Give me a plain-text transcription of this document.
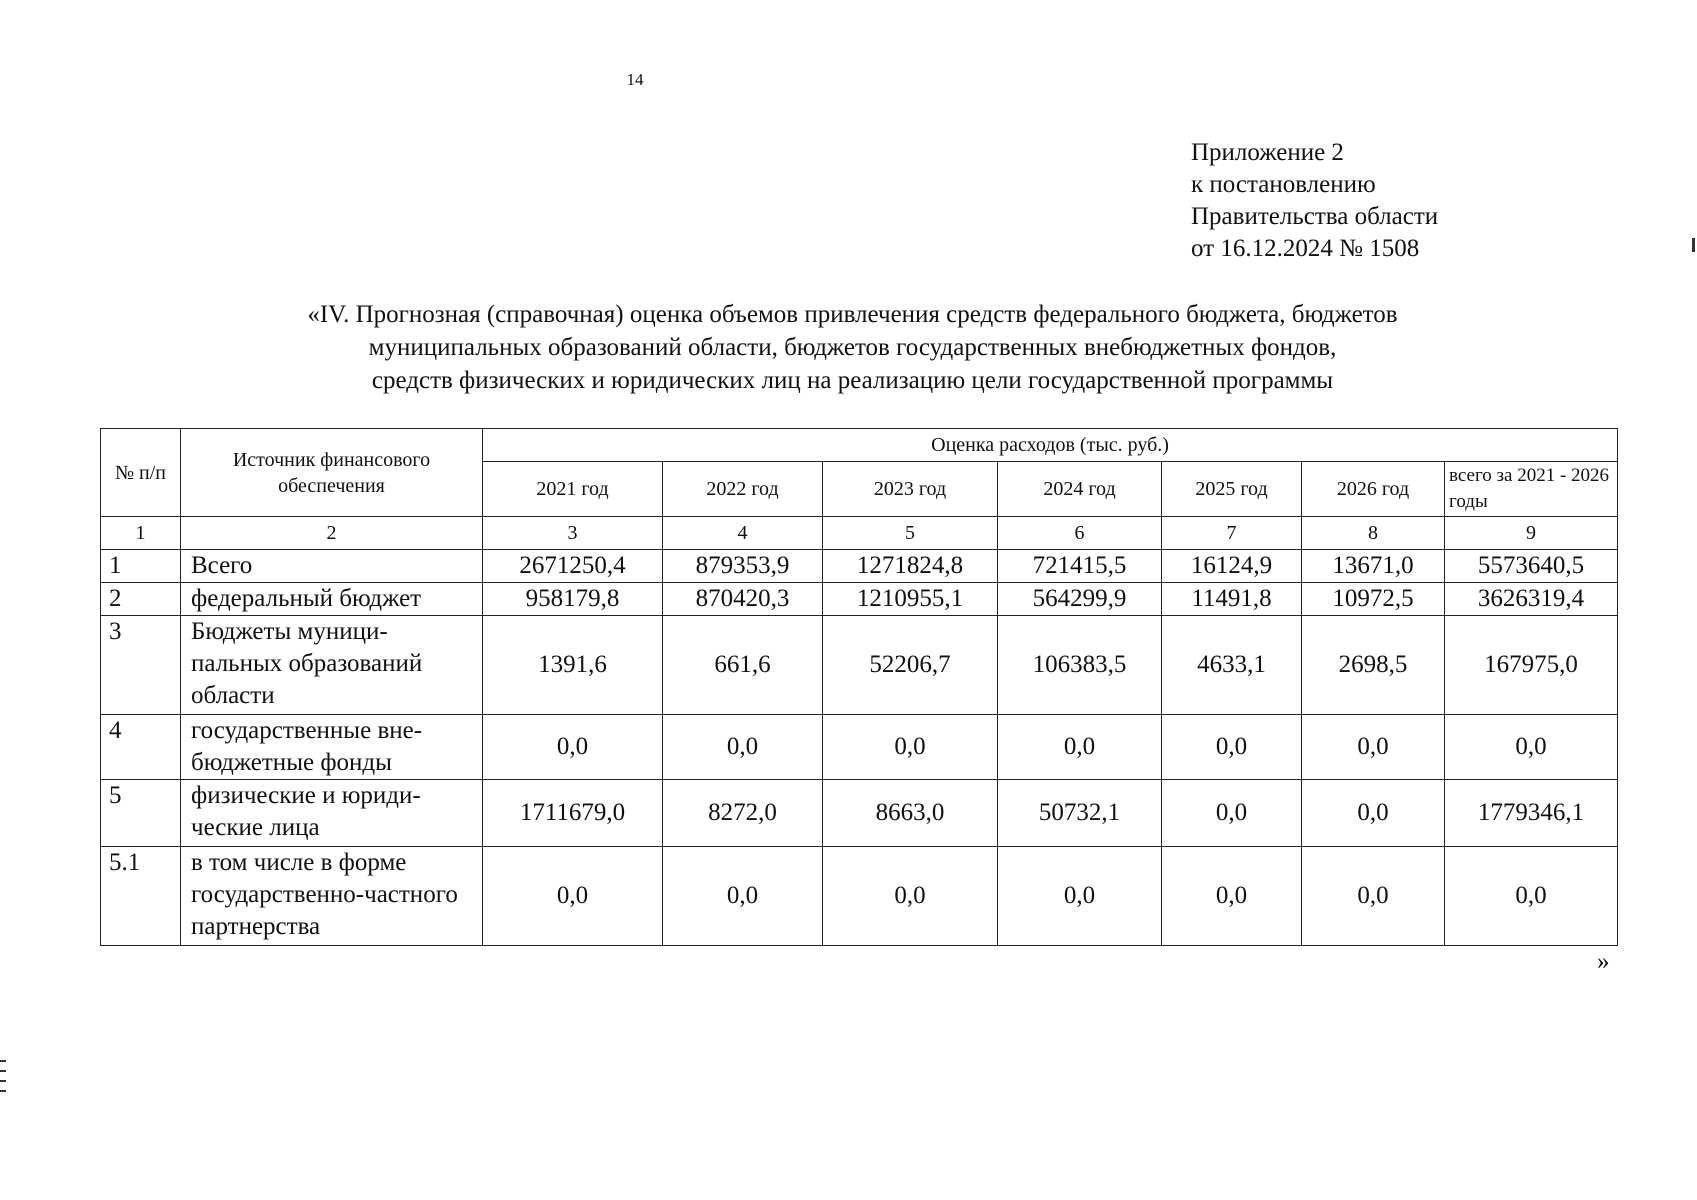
14
Приложение 2
к постановлению
Правительства области
от 16.12.2024 № 1508
«IV. Прогнозная (справочная) оценка объемов привлечения средств федерального бюджета, бюджетов
муниципальных образований области, бюджетов государственных внебюджетных фондов,
средств физических и юридических лиц на реализацию цели государственной программы
№ п/п	Источник финансового обеспечения	Оценка расходов (тыс. руб.)						
		2021 год	2022 год	2023 год	2024 год	2025 год	2026 год	всего за 2021 - 2026 годы
1	2	3	4	5	6	7	8	9
1	Всего	2671250,4	879353,9	1271824,8	721415,5	16124,9	13671,0	5573640,5
2	федеральный бюджет	958179,8	870420,3	1210955,1	564299,9	11491,8	10972,5	3626319,4
3	Бюджеты муници-пальных образований области	1391,6	661,6	52206,7	106383,5	4633,1	2698,5	167975,0
4	государственные вне-бюджетные фонды	0,0	0,0	0,0	0,0	0,0	0,0	0,0
5	физические и юриди-ческие лица	1711679,0	8272,0	8663,0	50732,1	0,0	0,0	1779346,1
5.1	в том числе в форме государственно-частного партнерства	0,0	0,0	0,0	0,0	0,0	0,0	0,0
»
